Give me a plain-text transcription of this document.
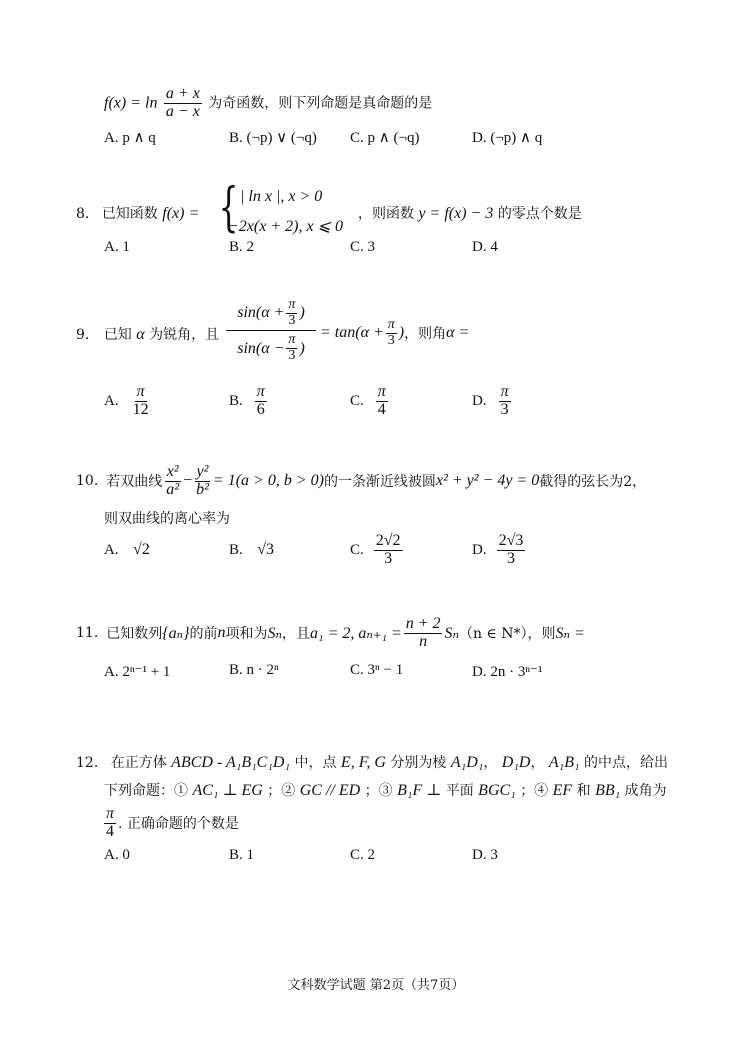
$f(x) = \ln \frac{a + x}{a - x}$ 为奇函数，则下列命题是真命题的是
A. p ∧ q	B. (¬p) ∨ (¬q) C. p ∧ (¬q)	D. (¬p) ∧ q
8. 已知函数 f(x) = { | ln x |, x > 0
−2x(x + 2), x ⩽ 0
，则函数 y = f(x) − 3 的零点个数是
A. 1	B. 2	C. 3	D. 4
9. 已知 α 为锐角，且
$\sin(\alpha + \frac{\pi}{3}$ )
$\sin(\alpha - \frac{\pi}{3}$ )
= $\tan(\alpha + \frac{\pi}{3}$ ) ，则角 α =
A. $\frac{\pi}{12}$	B. $\frac{\pi}{6}$	C. $\frac{\pi}{4}$	D. $\frac{\pi}{3}$
10. 若双曲线 $\frac{\text{x²}}{\text{a²}} - \frac{\text{y²}}{\text{b²}} = 1(a > 0$, b > 0) 的一条渐近线被圆 x² + y² − 4y = 0 截得的弦长为2，
则双曲线的离心率为
A. √2	B. √3	C. $\frac{2√2}{3}$	D. $\frac{2√3}{3}$
11. 已知数列 {aₙ} 的前 n 项和为 Sₙ ，且 a₁ = 2, $a_{n+1} = \frac{n + 2}{n}$ Sₙ （n ∈ N*），则 Sₙ =
A. 2ⁿ⁻¹ + 1	B. n · 2ⁿ	C. 3ⁿ − 1	D. 2n · 3ⁿ⁻¹
12. 在正方体 ABCD - A₁B₁C₁D₁ 中，点 E, F, G 分别为棱 A₁D₁， D₁D， A₁B₁ 的中点，给出
下列命题：① AC₁ ⊥ EG ；② GC // ED ；③ B₁F ⊥ 平面 BGC₁ ；④ EF 和 BB₁ 成角为
$\frac{\pi}{4}$ . 正确命题的个数是
A. 0	B. 1	C. 2	D. 3
文科数学试题 第2页（共7页）
